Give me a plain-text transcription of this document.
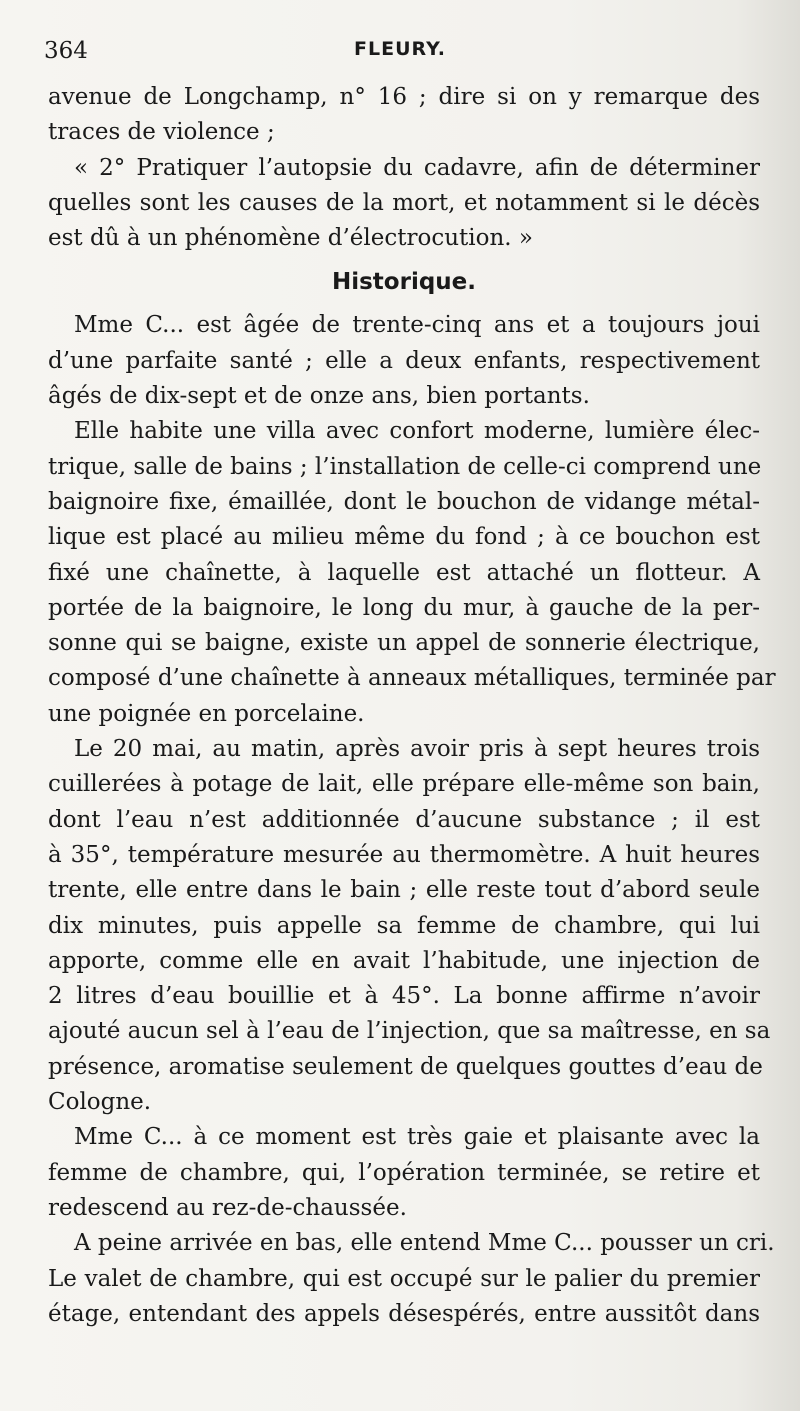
364	FLEURY.
avenue de Longchamp, n° 16 ; dire si on y remarque des
traces de violence ;
« 2° Pratiquer l’autopsie du cadavre, afin de déterminer
quelles sont les causes de la mort, et notamment si le décès
est dû à un phénomène d’électrocution. »
Historique.
Mme C... est âgée de trente-cinq ans et a toujours joui
d’une parfaite santé ; elle a deux enfants, respectivement
âgés de dix-sept et de onze ans, bien portants.
Elle habite une villa avec confort moderne, lumière élec-
trique, salle de bains ; l’installation de celle-ci comprend une
baignoire fixe, émaillée, dont le bouchon de vidange métal-
lique est placé au milieu même du fond ; à ce bouchon est
fixé une chaînette, à laquelle est attaché un flotteur. A
portée de la baignoire, le long du mur, à gauche de la per-
sonne qui se baigne, existe un appel de sonnerie électrique,
composé d’une chaînette à anneaux métalliques, terminée par
une poignée en porcelaine.
Le 20 mai, au matin, après avoir pris à sept heures trois
cuillerées à potage de lait, elle prépare elle-même son bain,
dont l’eau n’est additionnée d’aucune substance ; il est
à 35°, température mesurée au thermomètre. A huit heures
trente, elle entre dans le bain ; elle reste tout d’abord seule
dix minutes, puis appelle sa femme de chambre, qui lui
apporte, comme elle en avait l’habitude, une injection de
2 litres d’eau bouillie et à 45°. La bonne affirme n’avoir
ajouté aucun sel à l’eau de l’injection, que sa maîtresse, en sa
présence, aromatise seulement de quelques gouttes d’eau de
Cologne.
Mme C... à ce moment est très gaie et plaisante avec la
femme de chambre, qui, l’opération terminée, se retire et
redescend au rez-de-chaussée.
A peine arrivée en bas, elle entend Mme C... pousser un cri.
Le valet de chambre, qui est occupé sur le palier du premier
étage, entendant des appels désespérés, entre aussitôt dans
